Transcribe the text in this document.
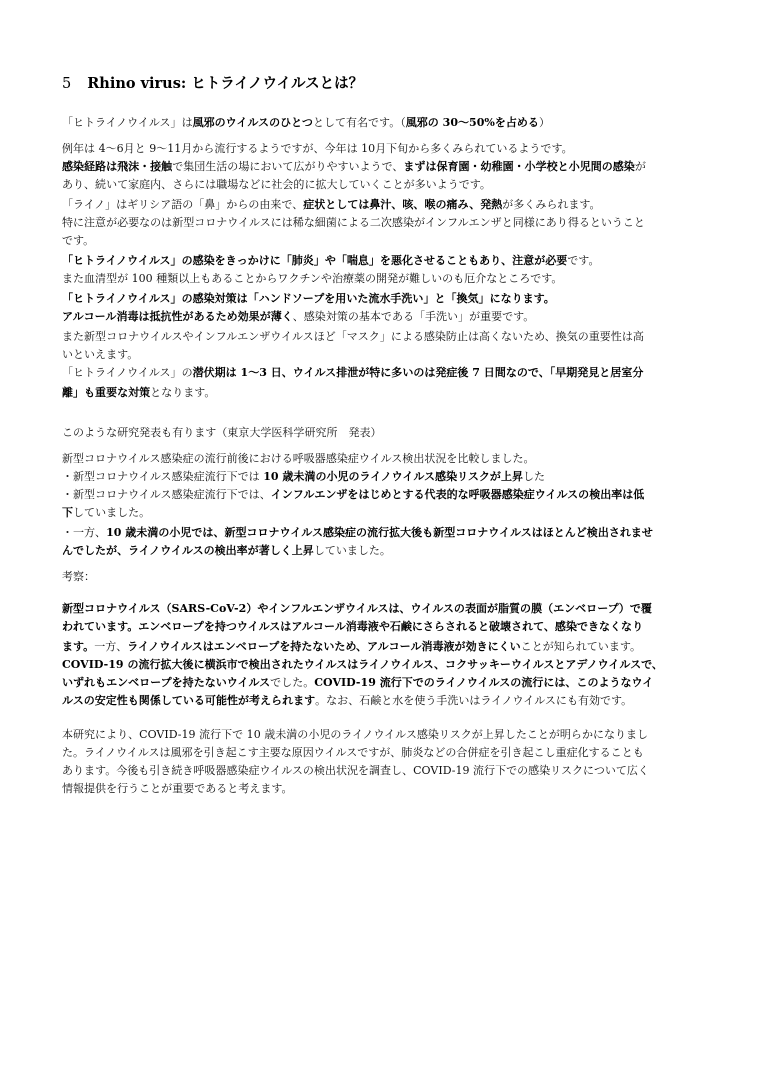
5 Rhino virus: ヒトライノウイルスとは？
「ヒトライノウイルス」は風邪のウイルスのひとつとして有名です。（風邪の 30〜50%を占める）
例年は 4〜6月と 9〜11月から流行するようですが、今年は 10月下旬から多くみられているようです。
感染経路は飛沫・接触で集団生活の場において広がりやすいようで、まずは保育園・幼稚園・小学校と小児間の感染が
あり、続いて家庭内、さらには職場などに社会的に拡大していくことが多いようです。
「ライノ」はギリシア語の「鼻」からの由来で、症状としては鼻汁、咳、喉の痛み、発熱が多くみられます。
特に注意が必要なのは新型コロナウイルスには稀な細菌による二次感染がインフルエンザと同様にあり得るということ
です。
「ヒトライノウイルス」の感染をきっかけに「肺炎」や「喘息」を悪化させることもあり、注意が必要です。
また血清型が 100 種類以上もあることからワクチンや治療薬の開発が難しいのも厄介なところです。
「ヒトライノウイルス」の感染対策は「ハンドソープを用いた流水手洗い」と「換気」になります。
アルコール消毒は抵抗性があるため効果が薄く、感染対策の基本である「手洗い」が重要です。
また新型コロナウイルスやインフルエンザウイルスほど「マスク」による感染防止は高くないため、換気の重要性は高
いといえます。
「ヒトライノウイルス」の潜伏期は 1〜3 日、ウイルス排泄が特に多いのは発症後 7 日間なので、「早期発見と居室分
離」も重要な対策となります。
このような研究発表も有ります（東京大学医科学研究所　発表）
新型コロナウイルス感染症の流行前後における呼吸器感染症ウイルス検出状況を比較しました。
・新型コロナウイルス感染症流行下では 10 歳未満の小児のライノウイルス感染リスクが上昇した
・新型コロナウイルス感染症流行下では、インフルエンザをはじめとする代表的な呼吸器感染症ウイルスの検出率は低
下していました。
・一方、10 歳未満の小児では、新型コロナウイルス感染症の流行拡大後も新型コロナウイルスはほとんど検出されませ
んでしたが、ライノウイルスの検出率が著しく上昇していました。
考察：
新型コロナウイルス（SARS-CoV-2）やインフルエンザウイルスは、ウイルスの表面が脂質の膜（エンベロープ）で覆
われています。エンベロープを持つウイルスはアルコール消毒液や石鹸にさらされると破壊されて、感染できなくなり
ます。一方、ライノウイルスはエンベロープを持たないため、アルコール消毒液が効きにくいことが知られています。
COVID-19 の流行拡大後に横浜市で検出されたウイルスはライノウイルス、コクサッキーウイルスとアデノウイルスで、
いずれもエンベロープを持たないウイルスでした。COVID-19 流行下でのライノウイルスの流行には、このようなウイ
ルスの安定性も関係している可能性が考えられます。なお、石鹸と水を使う手洗いはライノウイルスにも有効です。
本研究により、COVID-19 流行下で 10 歳未満の小児のライノウイルス感染リスクが上昇したことが明らかになりまし
た。ライノウイルスは風邪を引き起こす主要な原因ウイルスですが、肺炎などの合併症を引き起こし重症化することも
あります。今後も引き続き呼吸器感染症ウイルスの検出状況を調査し、COVID-19 流行下での感染リスクについて広く
情報提供を行うことが重要であると考えます。
